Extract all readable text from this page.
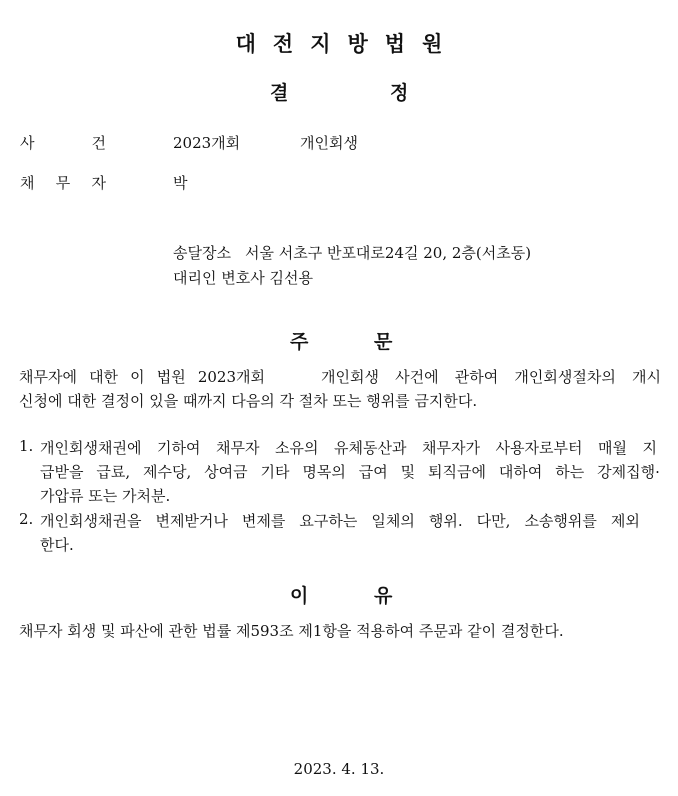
대전지방법원
결	정
사	건	2023개회	개인회생
채 무 자	박
송달장소 서울 서초구 반포대로24길 20, 2층(서초동)
대리인 변호사 김선용
주	문
채무자에 대한 이 법원 2023개회	개인회생 사건에 관하여 개인회생절차의 개시
신청에 대한 결정이 있을 때까지 다음의 각 절차 또는 행위를 금지한다.
1. 개인회생채권에 기하여 채무자 소유의 유체동산과 채무자가 사용자로부터 매월 지
급받을 급료, 제수당, 상여금 기타 명목의 급여 및 퇴직금에 대하여 하는 강제집행·
가압류 또는 가처분.
2. 개인회생채권을 변제받거나 변제를 요구하는 일체의 행위. 다만, 소송행위를 제외
한다.
이	유
채무자 회생 및 파산에 관한 법률 제593조 제1항을 적용하여 주문과 같이 결정한다.
2023. 4. 13.
